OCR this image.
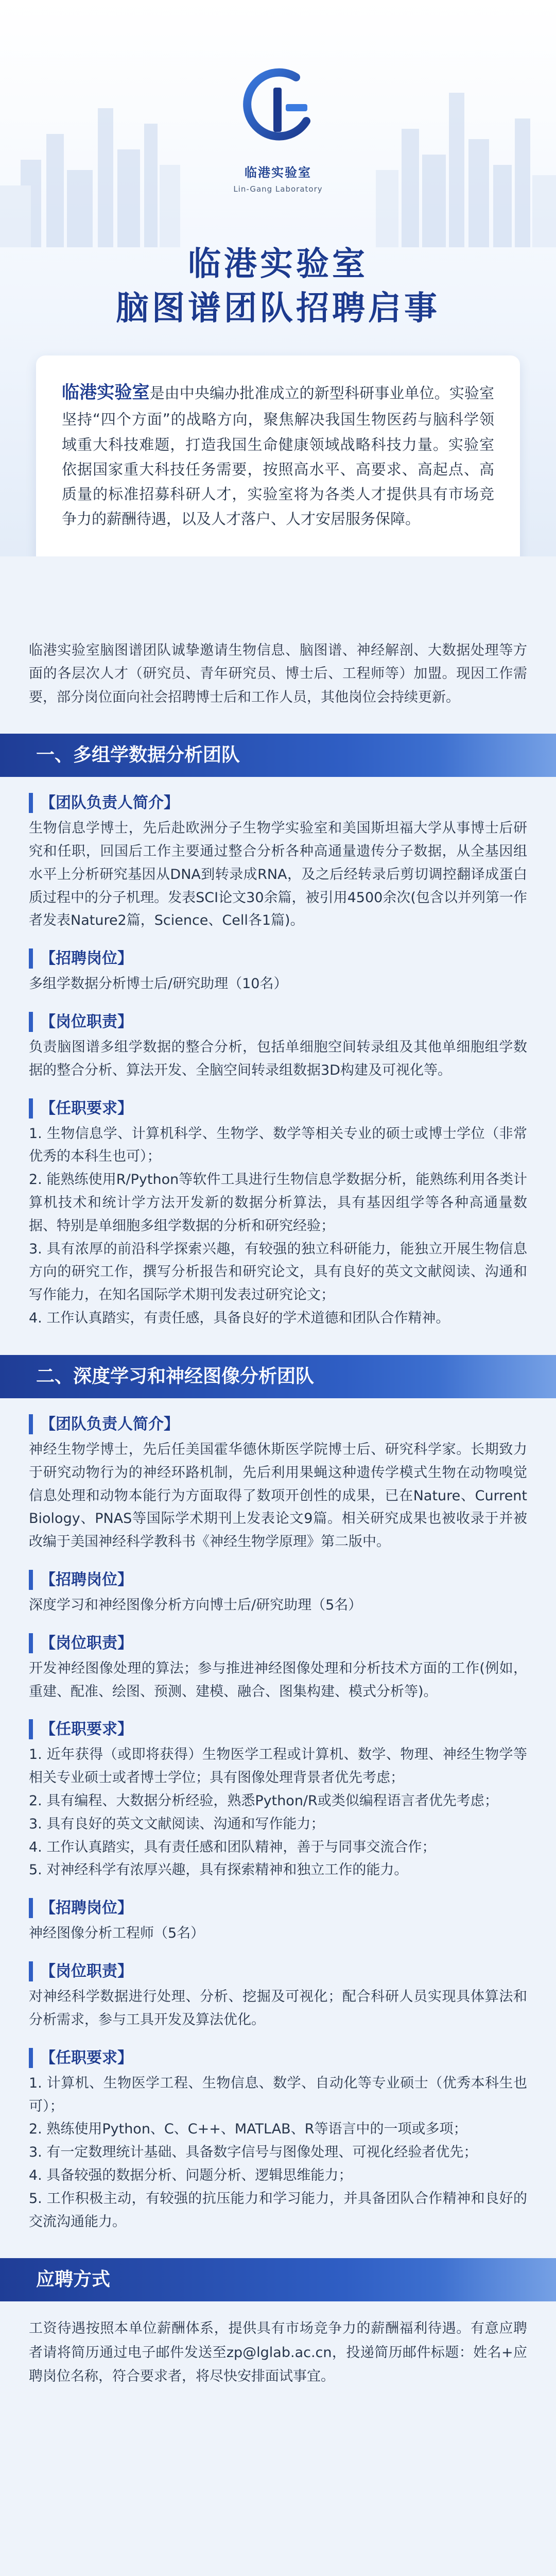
临港实验室
Lin-Gang Laboratory
临港实验室
脑图谱团队招聘启事
临港实验室是由中央编办批准成立的新型科研事业单位。实验室坚持“四个方面”的战略方向，聚焦解决我国生物医药与脑科学领域重大科技难题，打造我国生命健康领域战略科技力量。实验室依据国家重大科技任务需要，按照高水平、高要求、高起点、高质量的标准招募科研人才，实验室将为各类人才提供具有市场竞争力的薪酬待遇，以及人才落户、人才安居服务保障。

临港实验室脑图谱团队诚挚邀请生物信息、脑图谱、神经解剖、大数据处理等方面的各层次人才（研究员、青年研究员、博士后、工程师等）加盟。现因工作需要，部分岗位面向社会招聘博士后和工作人员，其他岗位会持续更新。

一、多组学数据分析团队
【团队负责人简介】

生物信息学博士，先后赴欧洲分子生物学实验室和美国斯坦福大学从事博士后研究和任职，回国后工作主要通过整合分析各种高通量遗传分子数据，从全基因组水平上分析研究基因从DNA到转录成RNA，及之后经转录后剪切调控翻译成蛋白质过程中的分子机理。发表SCI论文30余篇，被引用4500余次(包含以并列第一作者发表Nature2篇，Science、Cell各1篇)。

【招聘岗位】

多组学数据分析博士后/研究助理（10名）

【岗位职责】

负责脑图谱多组学数据的整合分析，包括单细胞空间转录组及其他单细胞组学数据的整合分析、算法开发、全脑空间转录组数据3D构建及可视化等。

【任职要求】
1. 生物信息学、计算机科学、生物学、数学等相关专业的硕士或博士学位（非常优秀的本科生也可）；
2. 能熟练使用R/Python等软件工具进行生物信息学数据分析，能熟练利用各类计算机技术和统计学方法开发新的数据分析算法，具有基因组学等各种高通量数据、特别是单细胞多组学数据的分析和研究经验；
3. 具有浓厚的前沿科学探索兴趣，有较强的独立科研能力，能独立开展生物信息方向的研究工作，撰写分析报告和研究论文，具有良好的英文文献阅读、沟通和写作能力，在知名国际学术期刊发表过研究论文；
4. 工作认真踏实，有责任感，具备良好的学术道德和团队合作精神。
二、深度学习和神经图像分析团队
【团队负责人简介】

神经生物学博士，先后任美国霍华德休斯医学院博士后、研究科学家。长期致力于研究动物行为的神经环路机制，先后利用果蝇这种遗传学模式生物在动物嗅觉信息处理和动物本能行为方面取得了数项开创性的成果，已在Nature、Current Biology、PNAS等国际学术期刊上发表论文9篇。相关研究成果也被收录于并被改编于美国神经科学教科书《神经生物学原理》第二版中。

【招聘岗位】

深度学习和神经图像分析方向博士后/研究助理（5名）

【岗位职责】

开发神经图像处理的算法；参与推进神经图像处理和分析技术方面的工作(例如，重建、配准、绘图、预测、建模、融合、图集构建、模式分析等)。

【任职要求】
1. 近年获得（或即将获得）生物医学工程或计算机、数学、物理、神经生物学等相关专业硕士或者博士学位；具有图像处理背景者优先考虑；
2. 具有编程、大数据分析经验，熟悉Python/R或类似编程语言者优先考虑；
3. 具有良好的英文文献阅读、沟通和写作能力；
4. 工作认真踏实，具有责任感和团队精神，善于与同事交流合作；
5. 对神经科学有浓厚兴趣，具有探索精神和独立工作的能力。
【招聘岗位】

神经图像分析工程师（5名）

【岗位职责】

对神经科学数据进行处理、分析、挖掘及可视化；配合科研人员实现具体算法和分析需求，参与工具开发及算法优化。

【任职要求】
1. 计算机、生物医学工程、生物信息、数学、自动化等专业硕士（优秀本科生也可）；
2. 熟练使用Python、C、C++、MATLAB、R等语言中的一项或多项；
3. 有一定数理统计基础、具备数字信号与图像处理、可视化经验者优先；
4. 具备较强的数据分析、问题分析、逻辑思维能力；
5. 工作积极主动，有较强的抗压能力和学习能力，并具备团队合作精神和良好的交流沟通能力。
应聘方式

工资待遇按照本单位薪酬体系，提供具有市场竞争力的薪酬福利待遇。有意应聘者请将简历通过电子邮件发送至zp@lglab.ac.cn，投递简历邮件标题：姓名+应聘岗位名称，符合要求者，将尽快安排面试事宜。
